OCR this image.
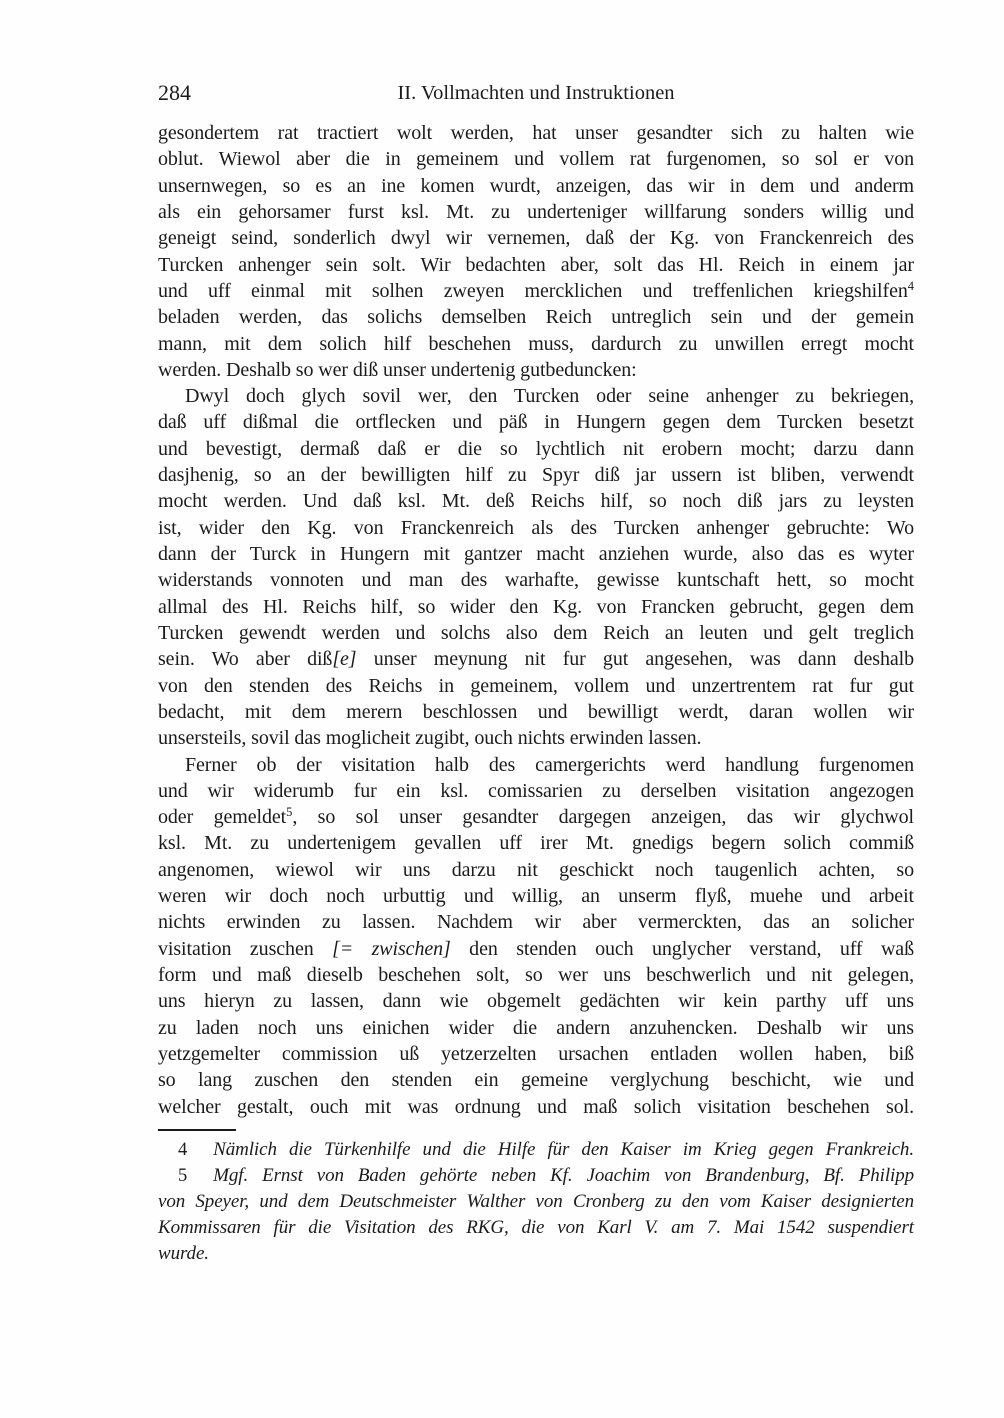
284	II. Vollmachten und Instruktionen
gesondertem rat tractiert wolt werden, hat unser gesandter sich zu halten wie
oblut. Wiewol aber die in gemeinem und vollem rat furgenomen, so sol er von
unsernwegen, so es an ine komen wurdt, anzeigen, das wir in dem und anderm
als ein gehorsamer furst ksl. Mt. zu underteniger willfarung sonders willig und
geneigt seind, sonderlich dwyl wir vernemen, daß der Kg. von Franckenreich des
Turcken anhenger sein solt. Wir bedachten aber, solt das Hl. Reich in einem jar
und uff einmal mit solhen zweyen mercklichen und treffenlichen kriegshilfen$^4$
beladen werden, das solichs demselben Reich untreglich sein und der gemein
mann, mit dem solich hilf beschehen muss, dardurch zu unwillen erregt mocht
werden. Deshalb so wer diß unser undertenig gutbeduncken:
Dwyl doch glych sovil wer, den Turcken oder seine anhenger zu bekriegen,
daß uff dißmal die ortflecken und päß in Hungern gegen dem Turcken besetzt
und bevestigt, dermaß daß er die so lychtlich nit erobern mocht; darzu dann
dasjhenig, so an der bewilligten hilf zu Spyr diß jar ussern ist bliben, verwendt
mocht werden. Und daß ksl. Mt. deß Reichs hilf, so noch diß jars zu leysten
ist, wider den Kg. von Franckenreich als des Turcken anhenger gebruchte: Wo
dann der Turck in Hungern mit gantzer macht anziehen wurde, also das es wyter
widerstands vonnoten und man des warhafte, gewisse kuntschaft hett, so mocht
allmal des Hl. Reichs hilf, so wider den Kg. von Francken gebrucht, gegen dem
Turcken gewendt werden und solchs also dem Reich an leuten und gelt treglich
sein. Wo aber diß[e] unser meynung nit fur gut angesehen, was dann deshalb
von den stenden des Reichs in gemeinem, vollem und unzertrentem rat fur gut
bedacht, mit dem merern beschlossen und bewilligt werdt, daran wollen wir
unsersteils, sovil das moglicheit zugibt, ouch nichts erwinden lassen.
Ferner ob der visitation halb des camergerichts werd handlung furgenomen
und wir widerumb fur ein ksl. comissarien zu derselben visitation angezogen
oder gemeldet$^5$, so sol unser gesandter dargegen anzeigen, das wir glychwol
ksl. Mt. zu undertenigem gevallen uff irer Mt. gnedigs begern solich commiß
angenomen, wiewol wir uns darzu nit geschickt noch taugenlich achten, so
weren wir doch noch urbuttig und willig, an unserm flyß, muehe und arbeit
nichts erwinden zu lassen. Nachdem wir aber vermerckten, das an solicher
visitation zuschen [= zwischen] den stenden ouch unglycher verstand, uff waß
form und maß dieselb beschehen solt, so wer uns beschwerlich und nit gelegen,
uns hieryn zu lassen, dann wie obgemelt gedächten wir kein parthy uff uns
zu laden noch uns einichen wider die andern anzuhencken. Deshalb wir uns
yetzgemelter commission uß yetzerzelten ursachen entladen wollen haben, biß
so lang zuschen den stenden ein gemeine verglychung beschicht, wie und
welcher gestalt, ouch mit was ordnung und maß solich visitation beschehen sol.
4 Nämlich die Türkenhilfe und die Hilfe für den Kaiser im Krieg gegen Frankreich.
5 Mgf. Ernst von Baden gehörte neben Kf. Joachim von Brandenburg, Bf. Philipp
von Speyer, und dem Deutschmeister Walther von Cronberg zu den vom Kaiser designierten
Kommissaren für die Visitation des RKG, die von Karl V. am 7. Mai 1542 suspendiert
wurde.
